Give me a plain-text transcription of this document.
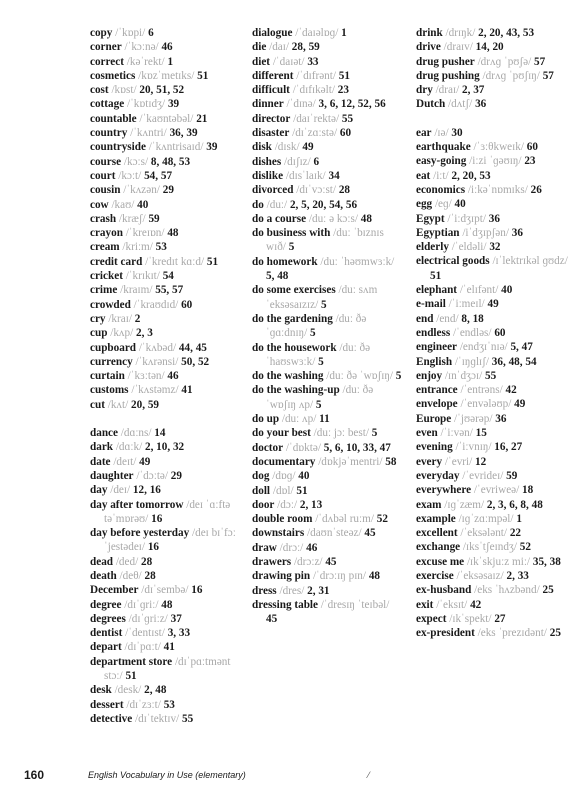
copy /ˈkɒpi/ 6
corner /ˈkɔːnə/ 46
correct /kəˈrekt/ 1
cosmetics /kɒzˈmetɪks/ 51
cost /kɒst/ 20, 51, 52
cottage /ˈkɒtɪdʒ/ 39
countable /ˈkaʊntəbəl/ 21
country /ˈkʌntri/ 36, 39
countryside /ˈkʌntrisaɪd/ 39
course /kɔːs/ 8, 48, 53
court /kɔːt/ 54, 57
cousin /ˈkʌzən/ 29
cow /kaʊ/ 40
crash /kræʃ/ 59
crayon /ˈkreɪɒn/ 48
cream /kriːm/ 53
credit card /ˈkredɪt kɑːd/ 51
cricket /ˈkrɪkɪt/ 54
crime /kraɪm/ 55, 57
crowded /ˈkraʊdɪd/ 60
cry /kraɪ/ 2
cup /kʌp/ 2, 3
cupboard /ˈkʌbəd/ 44, 45
currency /ˈkʌrənsi/ 50, 52
curtain /ˈkɜːtən/ 46
customs /ˈkʌstəmz/ 41
cut /kʌt/ 20, 59
dance /dɑːns/ 14
dark /dɑːk/ 2, 10, 32
date /deɪt/ 49
daughter /ˈdɔːtə/ 29
day /deɪ/ 12, 16
day after tomorrow /deɪ ˈɑːftə təˈmɒrəʊ/ 16
day before yesterday /deɪ bɪˈfɔː ˈjestədeɪ/ 16
dead /ded/ 28
death /deθ/ 28
December /dɪˈsembə/ 16
degree /dɪˈɡriː/ 48
degrees /dɪˈɡriːz/ 37
dentist /ˈdentɪst/ 3, 33
depart /dɪˈpɑːt/ 41
department store /dɪˈpɑːtmənt stɔː/ 51
desk /desk/ 2, 48
dessert /dɪˈzɜːt/ 53
detective /dɪˈtektɪv/ 55
dialogue /ˈdaɪəlɒɡ/ 1
die /daɪ/ 28, 59
diet /ˈdaɪət/ 33
different /ˈdɪfrənt/ 51
difficult /ˈdɪfɪkəlt/ 23
dinner /ˈdɪnə/ 3, 6, 12, 52, 56
director /daɪˈrektə/ 55
disaster /dɪˈzɑːstə/ 60
disk /dɪsk/ 49
dishes /dɪʃɪz/ 6
dislike /dɪsˈlaɪk/ 34
divorced /dɪˈvɔːst/ 28
do /duː/ 2, 5, 20, 54, 56
do a course /duː ə kɔːs/ 48
do business with /duː ˈbɪznɪs wɪð/ 5
do homework /duː ˈhəʊmwɜːk/ 5, 48
do some exercises /duː sʌm ˈeksəsaɪzɪz/ 5
do the gardening /duː ðə ˈɡɑːdnɪŋ/ 5
do the housework /duː ðə ˈhaʊswɜːk/ 5
do the washing /duː ðə ˈwɒʃɪŋ/ 5
do the washing-up /duː ðə ˈwɒʃɪŋ ʌp/ 5
do up /duː ʌp/ 11
do your best /duː jɔː best/ 5
doctor /ˈdɒktə/ 5, 6, 10, 33, 47
documentary /dɒkjəˈmentri/ 58
dog /dɒɡ/ 40
doll /dɒl/ 51
door /dɔː/ 2, 13
double room /ˈdʌbəl ruːm/ 52
downstairs /daʊnˈsteəz/ 45
draw /drɔː/ 46
drawers /drɔːz/ 45
drawing pin /ˈdrɔːɪŋ pɪn/ 48
dress /dres/ 2, 31
dressing table /ˈdresɪŋ ˈteɪbəl/ 45
drink /drɪŋk/ 2, 20, 43, 53
drive /draɪv/ 14, 20
drug pusher /drʌɡ ˈpʊʃə/ 57
drug pushing /drʌɡ ˈpʊʃɪŋ/ 57
dry /draɪ/ 2, 37
Dutch /dʌtʃ/ 36
ear /ɪə/ 30
earthquake /ˈɜːθkweɪk/ 60
easy-going /iːzi ˈɡəʊɪŋ/ 23
eat /iːt/ 2, 20, 53
economics /iːkəˈnɒmɪks/ 26
egg /eɡ/ 40
Egypt /ˈiːdʒɪpt/ 36
Egyptian /iˈdʒɪpʃən/ 36
elderly /ˈeldəli/ 32
electrical goods /ɪˈlektrɪkəl ɡʊdz/ 51
elephant /ˈelɪfənt/ 40
e-mail /ˈiːmeɪl/ 49
end /end/ 8, 18
endless /ˈendləs/ 60
engineer /endʒɪˈnɪə/ 5, 47
English /ˈɪŋɡlɪʃ/ 36, 48, 54
enjoy /ɪnˈdʒɔɪ/ 55
entrance /ˈentrəns/ 42
envelope /ˈenvələʊp/ 49
Europe /ˈjʊərəp/ 36
even /ˈiːvən/ 15
evening /ˈiːvnɪŋ/ 16, 27
every /ˈevri/ 12
everyday /ˈevrideɪ/ 59
everywhere /ˈevriweə/ 18
exam /ɪɡˈzæm/ 2, 3, 6, 8, 48
example /ɪɡˈzɑːmpəl/ 1
excellent /ˈeksələnt/ 22
exchange /ɪksˈtʃeɪndʒ/ 52
excuse me /ɪkˈskjuːz miː/ 35, 38
exercise /ˈeksəsaɪz/ 2, 33
ex-husband /eks ˈhʌzbənd/ 25
exit /ˈeksɪt/ 42
expect /ɪkˈspekt/ 27
ex-president /eks ˈprezɪdənt/ 25
160	English Vocabulary in Use (elementary)	⁄
